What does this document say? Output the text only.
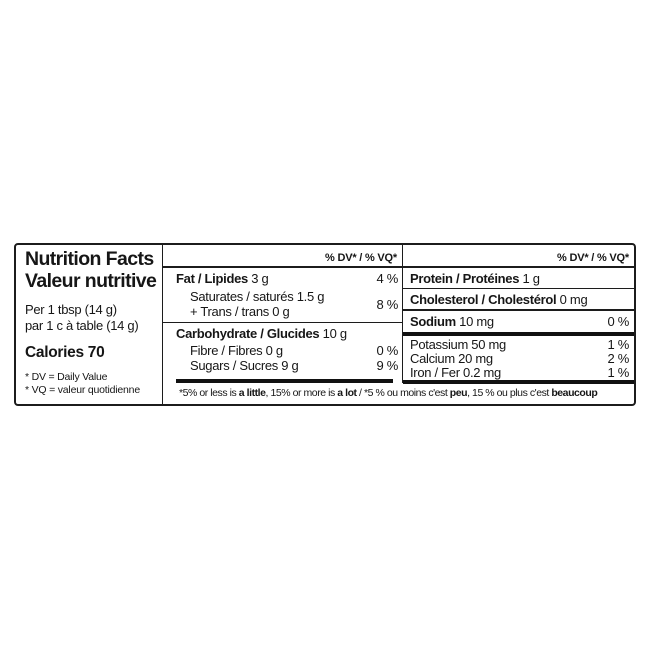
Nutrition Facts
Valeur nutritive
Per 1 tbsp (14 g)
par 1 c à table (14 g)
Calories 70
* DV = Daily Value
* VQ = valeur quotidienne
% DV* / % VQ*
Fat / Lipides 3 g	4 %
Saturates / saturés 1.5 g
+ Trans / trans 0 g	8 %
Carbohydrate / Glucides 10 g
Fibre / Fibres 0 g	0 %
Sugars / Sucres 9 g	9 %
% DV* / % VQ*
Protein / Protéines 1 g
Cholesterol / Cholestérol 0 mg
Sodium 10 mg	0 %
Potassium 50 mg	1 %
Calcium 20 mg	2 %
Iron / Fer 0.2 mg	1 %
*5% or less is a little, 15% or more is a lot / *5 % ou moins c'est peu, 15 % ou plus c'est beaucoup
